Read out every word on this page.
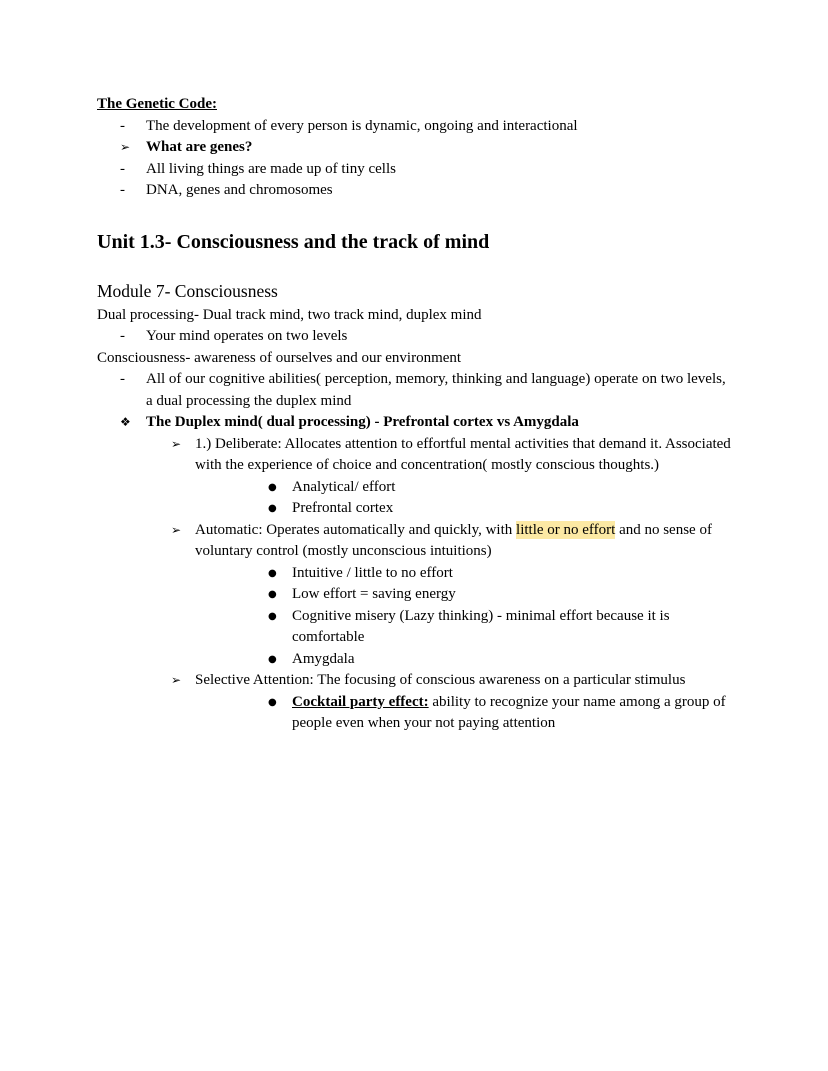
The Genetic Code:
-	The development of every person is dynamic, ongoing and interactional
➢	What are genes?
-	All living things are made up of tiny cells
-	DNA, genes and chromosomes
Unit 1.3- Consciousness and the track of mind
Module 7- Consciousness
Dual processing- Dual track mind, two track mind, duplex mind
-	Your mind operates on two levels
Consciousness- awareness of ourselves and our environment
-	All of our cognitive abilities( perception, memory, thinking and language) operate on two levels, a dual processing the duplex mind
❖	The Duplex mind( dual processing) - Prefrontal cortex vs Amygdala
➢ 1.) Deliberate: Allocates attention to effortful mental activities that demand it. Associated with the experience of choice and concentration( mostly conscious thoughts.)
●	Analytical/ effort
●	Prefrontal cortex
➢ Automatic: Operates automatically and quickly, with little or no effort and no sense of voluntary control (mostly unconscious intuitions)
●	Intuitive / little to no effort
●	Low effort = saving energy
●	Cognitive misery (Lazy thinking) - minimal effort because it is comfortable
●	Amygdala
➢ Selective Attention: The focusing of conscious awareness on a particular stimulus
●	Cocktail party effect: ability to recognize your name among a group of people even when your not paying attention
